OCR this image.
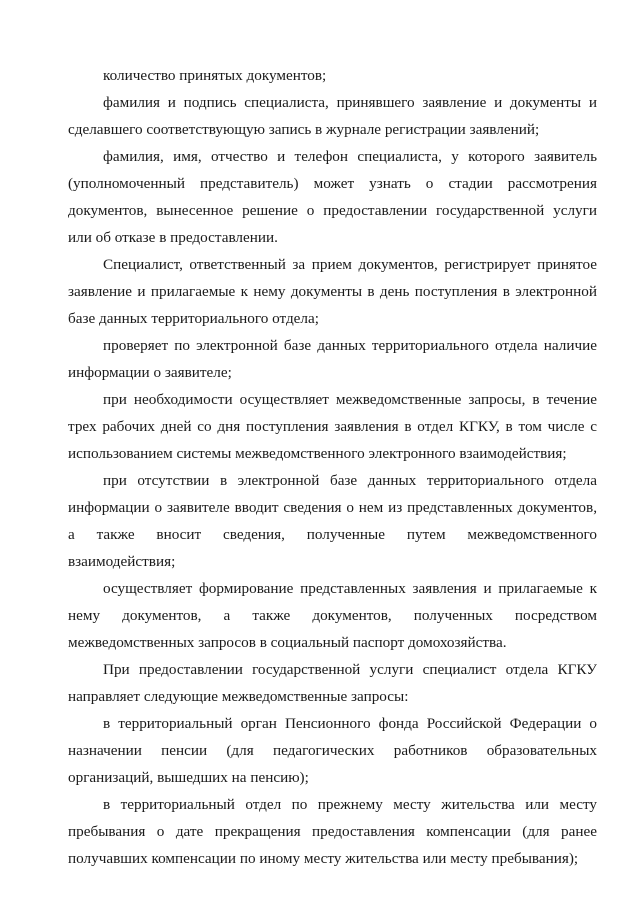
количество принятых документов;
фамилия и подпись специалиста, принявшего заявление и документы и
сделавшего соответствующую запись в журнале регистрации заявлений;
фамилия, имя, отчество и телефон специалиста, у которого заявитель
(уполномоченный представитель) может узнать о стадии рассмотрения
документов, вынесенное решение о предоставлении государственной услуги
или об отказе в предоставлении.
Специалист, ответственный за прием документов, регистрирует принятое
заявление и прилагаемые к нему документы в день поступления в электронной
базе данных территориального отдела;
проверяет по электронной базе данных территориального отдела наличие
информации о заявителе;
при необходимости осуществляет межведомственные запросы, в течение
трех рабочих дней со дня поступления заявления в отдел КГКУ, в том числе с
использованием системы межведомственного электронного взаимодействия;
при отсутствии в электронной базе данных территориального отдела
информации о заявителе вводит сведения о нем из представленных документов,
а также вносит сведения, полученные путем межведомственного
взаимодействия;
осуществляет формирование представленных заявления и прилагаемые к
нему документов, а также документов, полученных посредством
межведомственных запросов в социальный паспорт домохозяйства.
При предоставлении государственной услуги специалист отдела КГКУ
направляет следующие межведомственные запросы:
в территориальный орган Пенсионного фонда Российской Федерации о
назначении пенсии (для педагогических работников образовательных
организаций, вышедших на пенсию);
в территориальный отдел по прежнему месту жительства или месту
пребывания о дате прекращения предоставления компенсации (для ранее
получавших компенсации по иному месту жительства или месту пребывания);
